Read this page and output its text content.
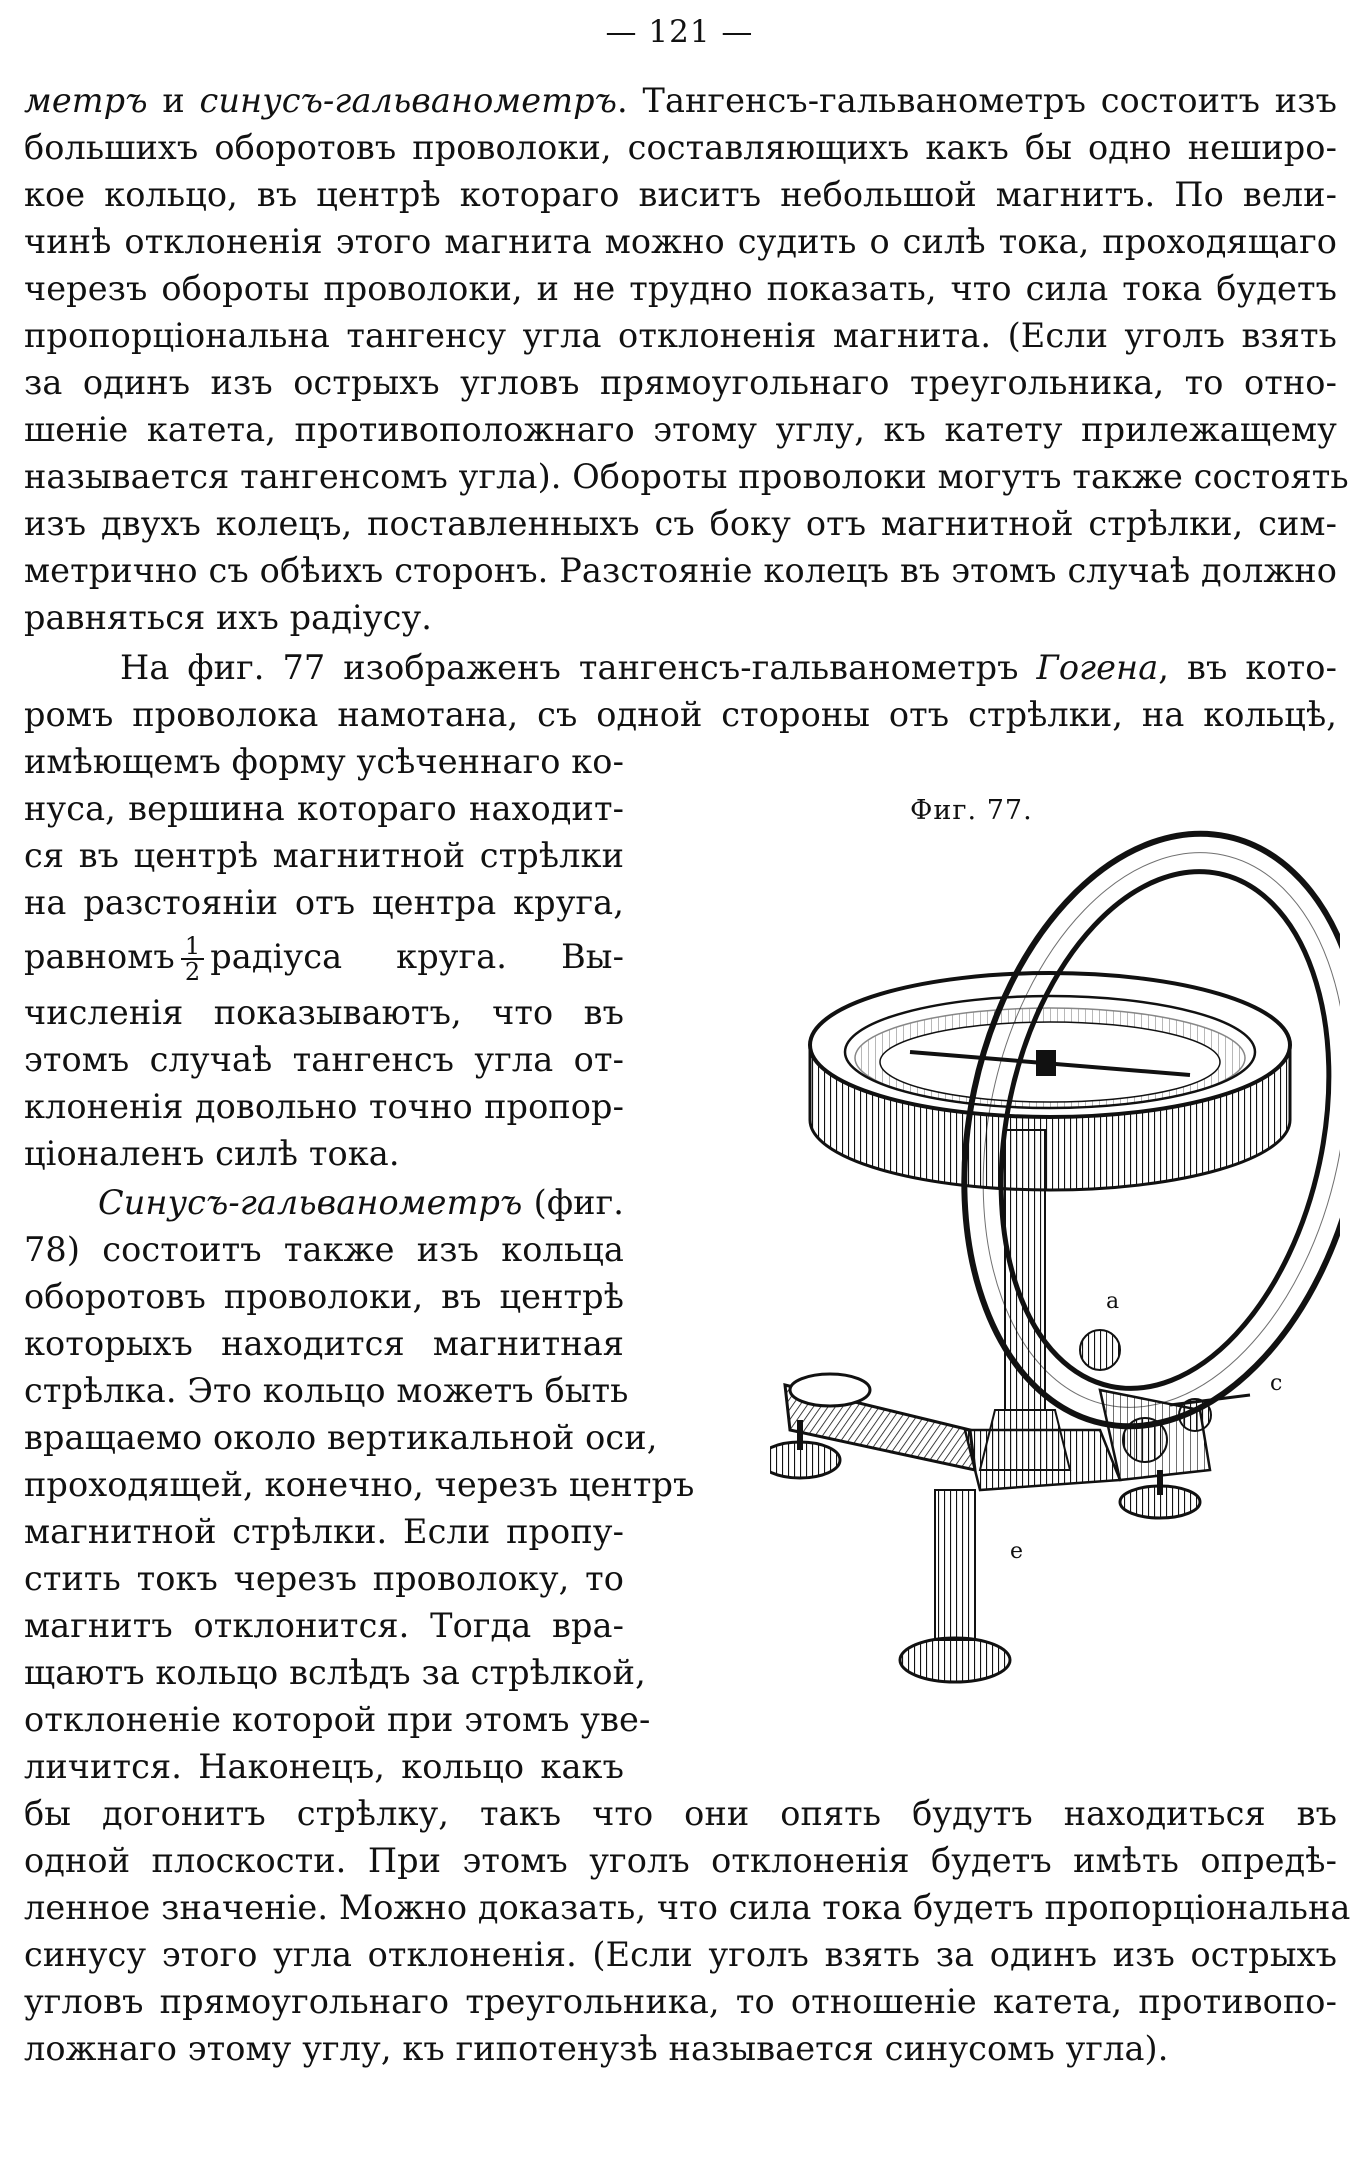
— 121 —
метръ и синусъ-гальванометръ. Тангенсъ-гальванометръ состоитъ изъ
большихъ оборотовъ проволоки, составляющихъ какъ бы одно неширо-
кое кольцо, въ центрѣ котораго виситъ небольшой магнитъ. По вели-
чинѣ отклоненія этого магнита можно судить о силѣ тока, проходящаго
черезъ обороты проволоки, и не трудно показать, что сила тока будетъ
пропорціональна тангенсу угла отклоненія магнита. (Если уголъ взять
за одинъ изъ острыхъ угловъ прямоугольнаго треугольника, то отно-
шеніе катета, противоположнаго этому углу, къ катету прилежащему
называется тангенсомъ угла). Обороты проволоки могутъ также состоять
изъ двухъ колецъ, поставленныхъ съ боку отъ магнитной стрѣлки, сим-
метрично съ обѣихъ сторонъ. Разстояніе колецъ въ этомъ случаѣ должно
равняться ихъ радіусу.
На фиг. 77 изображенъ тангенсъ-гальванометръ Гогена, въ кото-
ромъ проволока намотана, съ одной стороны отъ стрѣлки, на кольцѣ,
имѣющемъ форму усѣченнаго ко-
нуса, вершина котораго находит-
ся въ центрѣ магнитной стрѣлки
на разстояніи отъ центра круга,
равномъ $\frac{1}{2}$ радіуса круга. Вы-
численія показываютъ, что въ
этомъ случаѣ тангенсъ угла от-
клоненія довольно точно пропор-
ціоналенъ силѣ тока.
Синусъ-гальванометръ (фиг.
78) состоитъ также изъ кольца
оборотовъ проволоки, въ центрѣ
которыхъ находится магнитная
стрѣлка. Это кольцо можетъ быть
вращаемо около вертикальной оси,
проходящей, конечно, черезъ центръ
магнитной стрѣлки. Если пропу-
стить токъ черезъ проволоку, то
магнитъ отклонится. Тогда вра-
щаютъ кольцо вслѣдъ за стрѣлкой,
отклоненіе которой при этомъ уве-
личится. Наконецъ, кольцо какъ
бы догонитъ стрѣлку, такъ что они опять будутъ находиться въ
одной плоскости. При этомъ уголъ отклоненія будетъ имѣть опредѣ-
ленное значеніе. Можно доказать, что сила тока будетъ пропорціональна
синусу этого угла отклоненія. (Если уголъ взять за одинъ изъ острыхъ
угловъ прямоугольнаго треугольника, то отношеніе катета, противопо-
ложнаго этому углу, къ гипотенузѣ называется синусомъ угла).
Фиг. 77.
a
c
e
